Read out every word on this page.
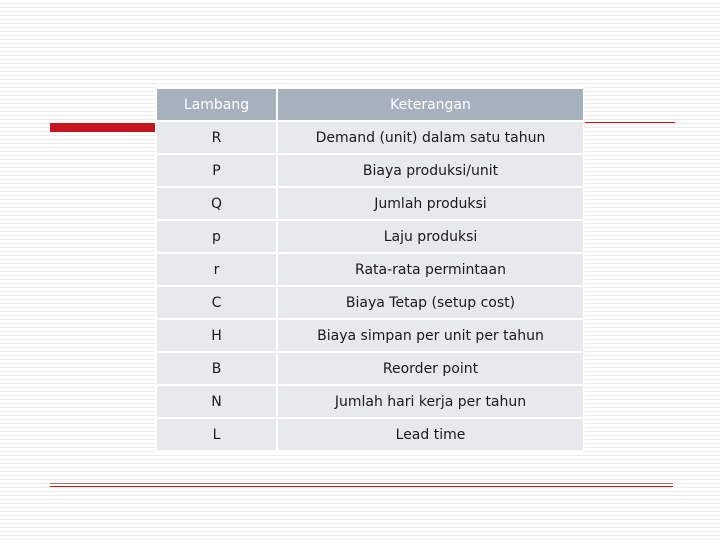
Lambang	Keterangan
R	Demand (unit) dalam satu tahun
P	Biaya produksi/unit
Q	Jumlah produksi
p	Laju produksi
r	Rata-rata permintaan
C	Biaya Tetap (setup cost)
H	Biaya simpan per unit per tahun
B	Reorder point
N	Jumlah hari kerja per tahun
L	Lead time
